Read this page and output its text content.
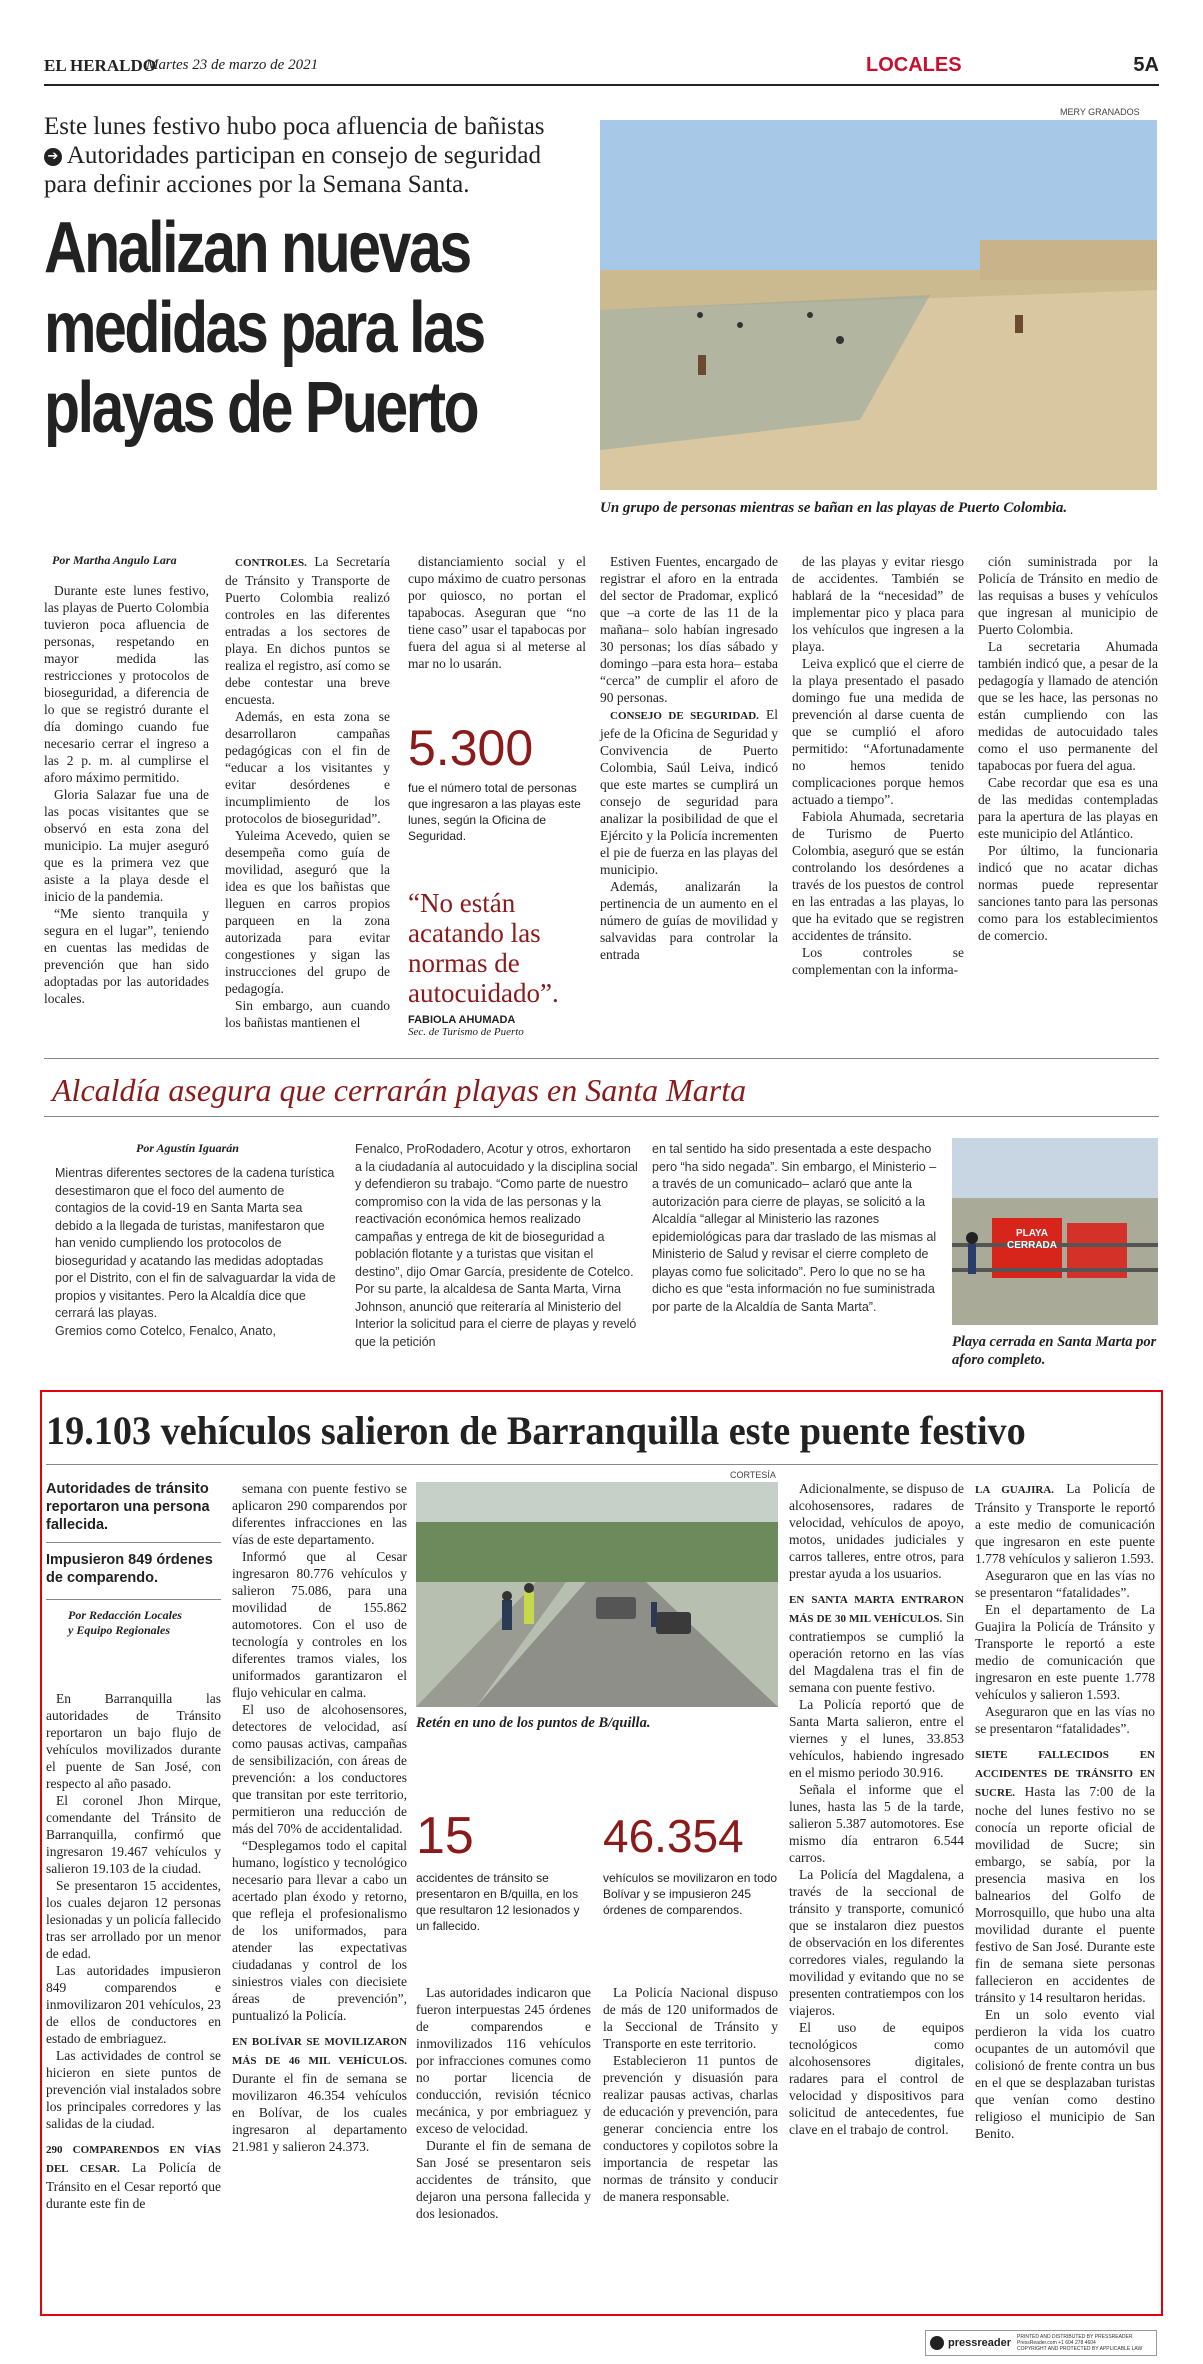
EL HERALDO
Martes 23 de marzo de 2021	LOCALES	5A
Este lunes festivo hubo poca afluencia de bañistas
➔ Autoridades participan en consejo de seguridad
para definir acciones por la Semana Santa.
Analizan nuevas medidas para las playas de Puerto
MERY GRANADOS
Un grupo de personas mientras se bañan en las playas de Puerto Colombia.
Por Martha Angulo Lara

Durante este lunes festivo, las playas de Puerto Colombia tuvieron poca afluencia de personas, respetando en mayor medida las restricciones y protocolos de bioseguridad, a diferencia de lo que se registró durante el día domingo cuando fue necesario cerrar el ingreso a las 2 p. m. al cumplirse el aforo máximo permitido.

Gloria Salazar fue una de las pocas visitantes que se observó en esta zona del municipio. La mujer aseguró que es la primera vez que asiste a la playa desde el inicio de la pandemia.

“Me siento tranquila y segura en el lugar”, teniendo en cuentas las medidas de prevención que han sido adoptadas por las autoridades locales.

CONTROLES. La Secretaría de Tránsito y Transporte de Puerto Colombia realizó controles en las diferentes entradas a los sectores de playa. En dichos puntos se realiza el registro, así como se debe contestar una breve encuesta.

Además, en esta zona se desarrollaron campañas pedagógicas con el fin de “educar a los visitantes y evitar desórdenes e incumplimiento de los protocolos de bioseguridad”.

Yuleima Acevedo, quien se desempeña como guía de movilidad, aseguró que la idea es que los bañistas que lleguen en carros propios parqueen en la zona autorizada para evitar congestiones y sigan las instrucciones del grupo de pedagogía.

Sin embargo, aun cuando los bañistas mantienen el

distanciamiento social y el cupo máximo de cuatro personas por quiosco, no portan el tapabocas. Aseguran que “no tiene caso” usar el tapabocas por fuera del agua si al meterse al mar no lo usarán.

5.300
fue el número total de personas que ingresaron a las playas este lunes, según la Oficina de Seguridad.
“No están acatando las normas de autocuidado”.
FABIOLA AHUMADA
Sec. de Turismo de Puerto

Estiven Fuentes, encargado de registrar el aforo en la entrada del sector de Pradomar, explicó que –a corte de las 11 de la mañana– solo habían ingresado 30 personas; los días sábado y domingo –para esta hora– estaba “cerca” de cumplir el aforo de 90 personas.

CONSEJO DE SEGURIDAD. El jefe de la Oficina de Seguridad y Convivencia de Puerto Colombia, Saúl Leiva, indicó que este martes se cumplirá un consejo de seguridad para analizar la posibilidad de que el Ejército y la Policía incrementen el pie de fuerza en las playas del municipio.

Además, analizarán la pertinencia de un aumento en el número de guías de movilidad y salvavidas para controlar la entrada

de las playas y evitar riesgo de accidentes. También se hablará de la “necesidad” de implementar pico y placa para los vehículos que ingresen a la playa.

Leiva explicó que el cierre de la playa presentado el pasado domingo fue una medida de prevención al darse cuenta de que se cumplió el aforo permitido: “Afortunadamente no hemos tenido complicaciones porque hemos actuado a tiempo”.

Fabiola Ahumada, secretaria de Turismo de Puerto Colombia, aseguró que se están controlando los desórdenes a través de los puestos de control en las entradas a las playas, lo que ha evitado que se registren accidentes de tránsito.

Los controles se complementan con la informa-

ción suministrada por la Policía de Tránsito en medio de las requisas a buses y vehículos que ingresan al municipio de Puerto Colombia.

La secretaria Ahumada también indicó que, a pesar de la pedagogía y llamado de atención que se les hace, las personas no están cumpliendo con las medidas de autocuidado tales como el uso permanente del tapabocas por fuera del agua.

Cabe recordar que esa es una de las medidas contempladas para la apertura de las playas en este municipio del Atlántico.

Por último, la funcionaria indicó que no acatar dichas normas puede representar sanciones tanto para las personas como para los establecimientos de comercio.

Alcaldía asegura que cerrarán playas en Santa Marta
Por Agustín Iguarán
Mientras diferentes sectores de la cadena turística desestimaron que el foco del aumento de contagios de la covid-19 en Santa Marta sea debido a la llegada de turistas, manifestaron que han venido cumpliendo los protocolos de bioseguridad y acatando las medidas adoptadas por el Distrito, con el fin de salvaguardar la vida de propios y visitantes. Pero la Alcaldía dice que cerrará las playas.
Gremios como Cotelco, Fenalco, Anato,
Fenalco, ProRodadero, Acotur y otros, exhortaron a la ciudadanía al autocuidado y la disciplina social y defendieron su trabajo. “Como parte de nuestro compromiso con la vida de las personas y la reactivación económica hemos realizado campañas y entrega de kit de bioseguridad a población flotante y a turistas que visitan el destino”, dijo Omar García, presidente de Cotelco. Por su parte, la alcaldesa de Santa Marta, Virna Johnson, anunció que reiteraría al Ministerio del Interior la solicitud para el cierre de playas y reveló que la petición
en tal sentido ha sido presentada a este despacho pero “ha sido negada”. Sin embargo, el Ministerio –a través de un comunicado– aclaró que ante la autorización para cierre de playas, se solicitó a la Alcaldía “allegar al Ministerio las razones epidemiológicas para dar traslado de las mismas al Ministerio de Salud y revisar el cierre completo de playas como fue solicitado”. Pero lo que no se ha dicho es que “esta información no fue suministrada por parte de la Alcaldía de Santa Marta”.
PLAYA CERRADA
Playa cerrada en Santa Marta por aforo completo.
19.103 vehículos salieron de Barranquilla este puente festivo
Autoridades de tránsito reportaron una persona fallecida.
Impusieron 849 órdenes de comparendo.
Por Redacción Locales
y Equipo Regionales

En Barranquilla las autoridades de Tránsito reportaron un bajo flujo de vehículos movilizados durante el puente de San José, con respecto al año pasado.

El coronel Jhon Mirque, comendante del Tránsito de Barranquilla, confirmó que ingresaron 19.467 vehículos y salieron 19.103 de la ciudad.

Se presentaron 15 accidentes, los cuales dejaron 12 personas lesionadas y un policía fallecido tras ser arrollado por un menor de edad.

Las autoridades impusieron 849 comparendos e inmovilizaron 201 vehículos, 23 de ellos de conductores en estado de embriaguez.

Las actividades de control se hicieron en siete puntos de prevención vial instalados sobre los principales corredores y las salidas de la ciudad.

290 COMPARENDOS EN VÍAS DEL CESAR. La Policía de Tránsito en el Cesar reportó que durante este fin de

semana con puente festivo se aplicaron 290 comparendos por diferentes infracciones en las vías de este departamento.

Informó que al Cesar ingresaron 80.776 vehículos y salieron 75.086, para una movilidad de 155.862 automotores. Con el uso de tecnología y controles en los diferentes tramos viales, los uniformados garantizaron el flujo vehicular en calma.

El uso de alcohosensores, detectores de velocidad, así como pausas activas, campañas de sensibilización, con áreas de prevención: a los conductores que transitan por este territorio, permitieron una reducción de más del 70% de accidentalidad.

“Desplegamos todo el capital humano, logístico y tecnológico necesario para llevar a cabo un acertado plan éxodo y retorno, que refleja el profesionalismo de los uniformados, para atender las expectativas ciudadanas y control de los siniestros viales con diecisiete áreas de prevención”, puntualizó la Policía.

EN BOLÍVAR SE MOVILIZARON MÁS DE 46 MIL VEHÍCULOS. Durante el fin de semana se movilizaron 46.354 vehículos en Bolívar, de los cuales ingresaron al departamento 21.981 y salieron 24.373.

CORTESÍA
Retén en uno de los puntos de B/quilla.
15
accidentes de tránsito se presentaron en B/quilla, en los que resultaron 12 lesionados y un fallecido.
46.354
vehículos se movilizaron en todo Bolívar y se impusieron 245 órdenes de comparendos.

Las autoridades indicaron que fueron interpuestas 245 órdenes de comparendos e inmovilizados 116 vehículos por infracciones comunes como no portar licencia de conducción, revisión técnico mecánica, y por embriaguez y exceso de velocidad.

Durante el fin de semana de San José se presentaron seis accidentes de tránsito, que dejaron una persona fallecida y dos lesionados.

La Policía Nacional dispuso de más de 120 uniformados de la Seccional de Tránsito y Transporte en este territorio.

Establecieron 11 puntos de prevención y disuasión para realizar pausas activas, charlas de educación y prevención, para generar conciencia entre los conductores y copilotos sobre la importancia de respetar las normas de tránsito y conducir de manera responsable.

Adicionalmente, se dispuso de alcohosensores, radares de velocidad, vehículos de apoyo, motos, unidades judiciales y carros talleres, entre otros, para prestar ayuda a los usuarios.

EN SANTA MARTA ENTRARON MÁS DE 30 MIL VEHÍCULOS. Sin contratiempos se cumplió la operación retorno en las vías del Magdalena tras el fin de semana con puente festivo.

La Policía reportó que de Santa Marta salieron, entre el viernes y el lunes, 33.853 vehículos, habiendo ingresado en el mismo periodo 30.916.

Señala el informe que el lunes, hasta las 5 de la tarde, salieron 5.387 automotores. Ese mismo día entraron 6.544 carros.

La Policía del Magdalena, a través de la seccional de tránsito y transporte, comunicó que se instalaron diez puestos de observación en los diferentes corredores viales, regulando la movilidad y evitando que no se presenten contratiempos con los viajeros.

El uso de equipos tecnológicos como alcohosensores digitales, radares para el control de velocidad y dispositivos para solicitud de antecedentes, fue clave en el trabajo de control.

LA GUAJIRA. La Policía de Tránsito y Transporte le reportó a este medio de comunicación que ingresaron en este puente 1.778 vehículos y salieron 1.593.

Aseguraron que en las vías no se presentaron “fatalidades”.

En el departamento de La Guajira la Policía de Tránsito y Transporte le reportó a este medio de comunicación que ingresaron en este puente 1.778 vehículos y salieron 1.593.

Aseguraron que en las vías no se presentaron “fatalidades”.

SIETE FALLECIDOS EN ACCIDENTES DE TRÁNSITO EN SUCRE. Hasta las 7:00 de la noche del lunes festivo no se conocía un reporte oficial de movilidad de Sucre; sin embargo, se sabía, por la presencia masiva en los balnearios del Golfo de Morrosquillo, que hubo una alta movilidad durante el puente festivo de San José. Durante este fin de semana siete personas fallecieron en accidentes de tránsito y 14 resultaron heridas.

En un solo evento vial perdieron la vida los cuatro ocupantes de un automóvil que colisionó de frente contra un bus en el que se desplazaban turistas que venían como destino religioso el municipio de San Benito.

pressreader PRINTED AND DISTRIBUTED BY PRESSREADER
PressReader.com +1 604 278 4604
COPYRIGHT AND PROTECTED BY APPLICABLE LAW
